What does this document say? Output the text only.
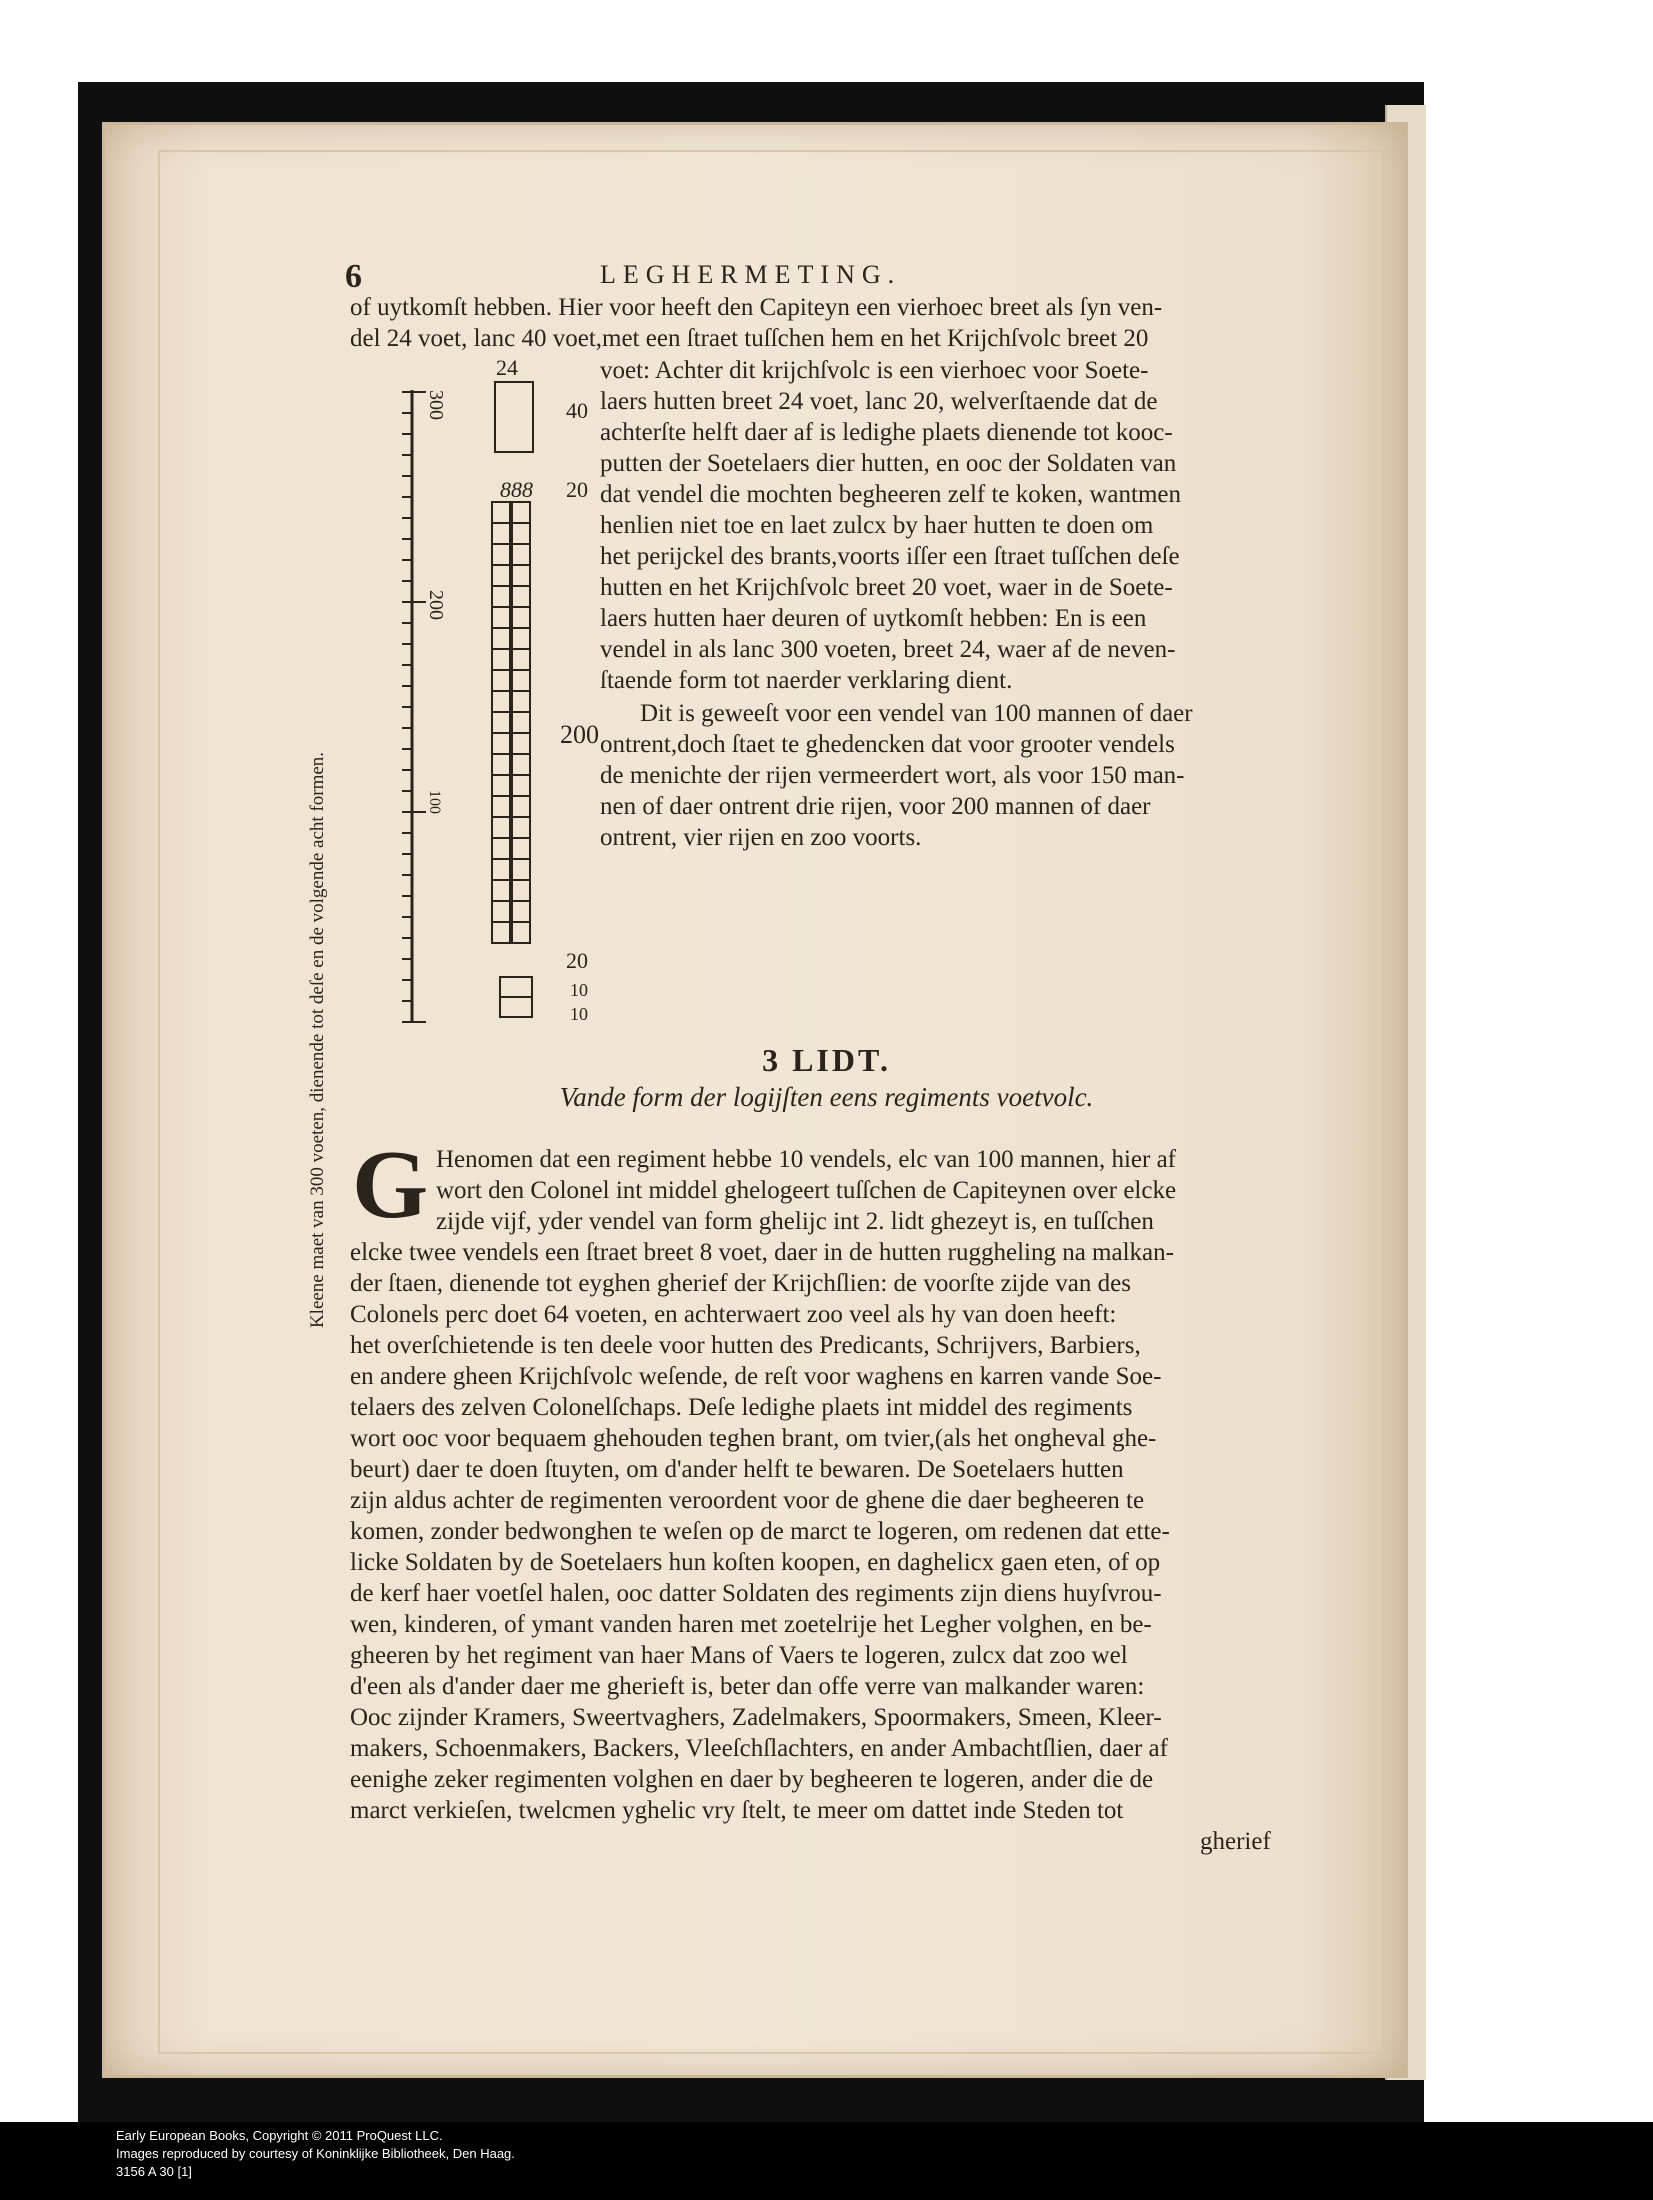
6	LEGHERMETING.
of uytkomſt hebben. Hier voor heeft den Capiteyn een vierhoec breet als ſyn ven-
del 24 voet, lanc 40 voet,met een ſtraet tuſſchen hem en het Krijchſvolc breet 20
voet: Achter dit krijchſvolc is een vierhoec voor Soete-
laers hutten breet 24 voet, lanc 20, welverſtaende dat de
achterſte helft daer af is ledighe plaets dienende tot kooc-
putten der Soetelaers dier hutten, en ooc der Soldaten van
dat vendel die mochten begheeren zelf te koken, wantmen
henlien niet toe en laet zulcx by haer hutten te doen om
het perijckel des brants,voorts iſſer een ſtraet tuſſchen deſe
hutten en het Krijchſvolc breet 20 voet, waer in de Soete-
laers hutten haer deuren of uytkomſt hebben: En is een
vendel in als lanc 300 voeten, breet 24, waer af de neven-
ſtaende form tot naerder verklaring dient.
Dit is geweeſt voor een vendel van 100 mannen of daer
ontrent,doch ſtaet te ghedencken dat voor grooter vendels
de menichte der rijen vermeerdert wort, als voor 150 man-
nen of daer ontrent drie rijen, voor 200 mannen of daer
ontrent, vier rijen en zoo voorts.
Kleene maet van 300 voeten, dienende tot deſe en de volgende acht formen.
300
200
100
24
40
888 20
200
20
10
10
3 LIDT.
Vande form der logijſten eens regiments voetvolc.
G Henomen dat een regiment hebbe 10 vendels, elc van 100 mannen, hier af
wort den Colonel int middel ghelogeert tuſſchen de Capiteynen over elcke
zijde vijf, yder vendel van form ghelijc int 2. lidt ghezeyt is, en tuſſchen
elcke twee vendels een ſtraet breet 8 voet, daer in de hutten ruggheling na malkan-
der ſtaen, dienende tot eyghen gherief der Krijchſlien: de voorſte zijde van des
Colonels perc doet 64 voeten, en achterwaert zoo veel als hy van doen heeft:
het overſchietende is ten deele voor hutten des Predicants, Schrijvers, Barbiers,
en andere gheen Krijchſvolc weſende, de reſt voor waghens en karren vande Soe-
telaers des zelven Colonelſchaps. Deſe ledighe plaets int middel des regiments
wort ooc voor bequaem ghehouden teghen brant, om tvier,(als het ongheval ghe-
beurt) daer te doen ſtuyten, om d'ander helft te bewaren. De Soetelaers hutten
zijn aldus achter de regimenten veroordent voor de ghene die daer begheeren te
komen, zonder bedwonghen te weſen op de marct te logeren, om redenen dat ette-
licke Soldaten by de Soetelaers hun koſten koopen, en daghelicx gaen eten, of op
de kerf haer voetſel halen, ooc datter Soldaten des regiments zijn diens huyſvrou-
wen, kinderen, of ymant vanden haren met zoetelrije het Legher volghen, en be-
gheeren by het regiment van haer Mans of Vaers te logeren, zulcx dat zoo wel
d'een als d'ander daer me gherieft is, beter dan offe verre van malkander waren:
Ooc zijnder Kramers, Sweertvaghers, Zadelmakers, Spoormakers, Smeen, Kleer-
makers, Schoenmakers, Backers, Vleeſchſlachters, en ander Ambachtſlien, daer af
eenighe zeker regimenten volghen en daer by begheeren te logeren, ander die de
marct verkieſen, twelcmen yghelic vry ſtelt, te meer om dattet inde Steden tot
gherief
Early European Books, Copyright © 2011 ProQuest LLC.
Images reproduced by courtesy of Koninklijke Bibliotheek, Den Haag.
3156 A 30 [1]
